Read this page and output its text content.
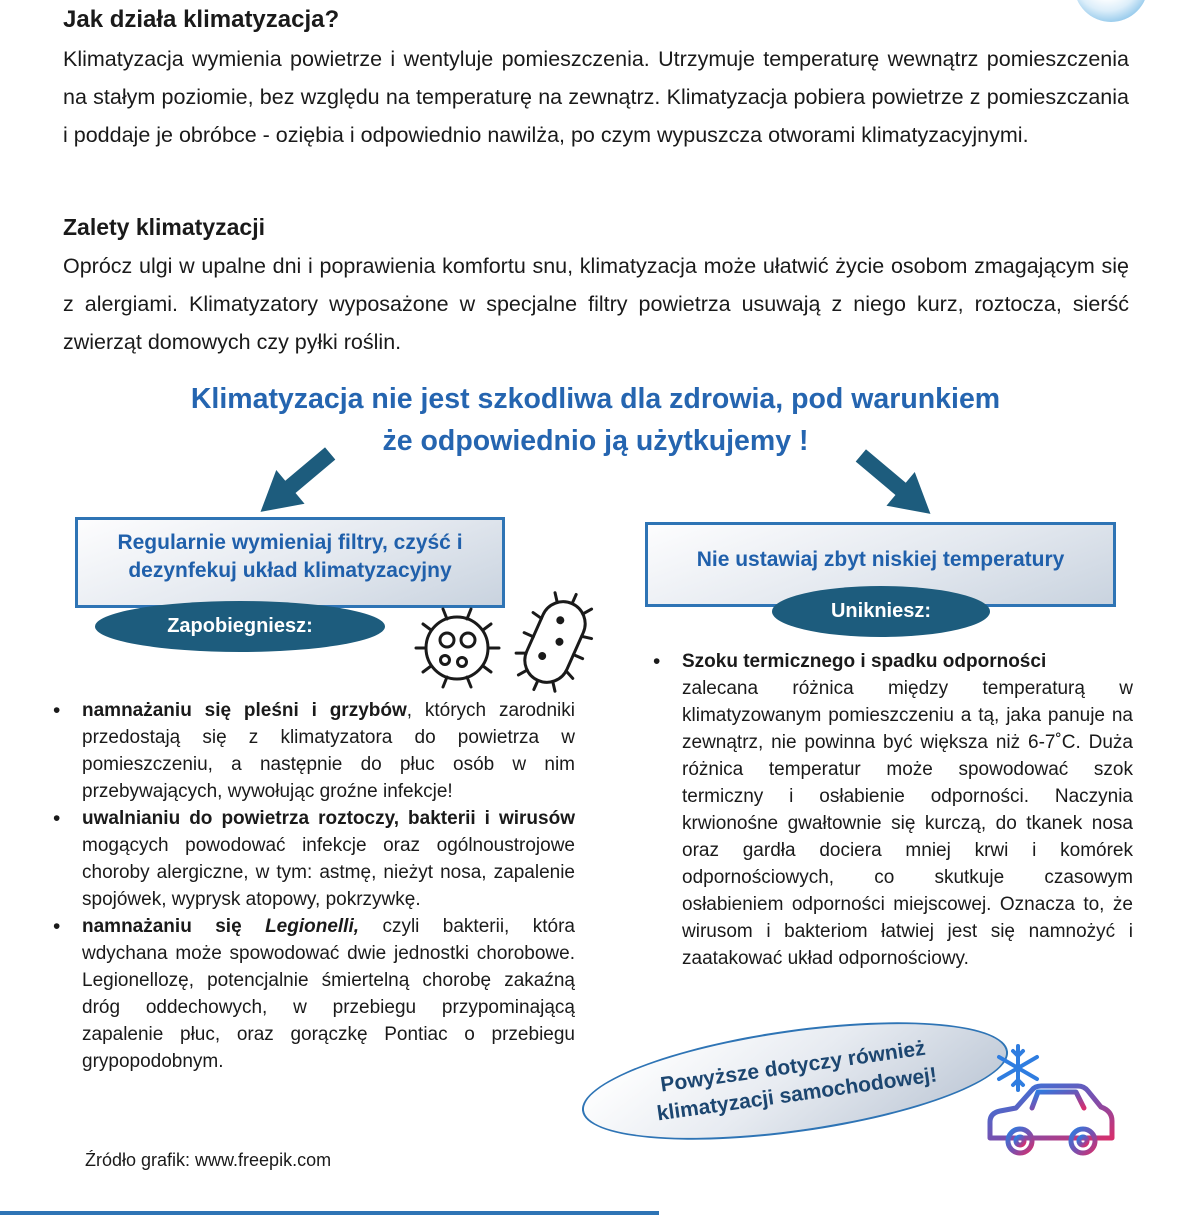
Jak działa klimatyzacja?

Klimatyzacja wymienia powietrze i wentyluje pomieszczenia. Utrzymuje temperaturę wewnątrz pomieszczenia na stałym poziomie, bez względu na temperaturę na zewnątrz. Klimatyzacja pobiera powietrze z pomieszczania i poddaje je obróbce - oziębia i odpowiednio nawilża, po czym wypuszcza otworami klimatyzacyjnymi.

Zalety klimatyzacji

Oprócz ulgi w upalne dni i poprawienia komfortu snu, klimatyzacja może ułatwić życie osobom zmagającym się z alergiami. Klimatyzatory wyposażone w specjalne filtry powietrza usuwają z niego kurz, roztocza, sierść zwierząt domowych czy pyłki roślin.

Klimatyzacja nie jest szkodliwa dla zdrowia, pod warunkiem
że odpowiednio ją użytkujemy !
Regularnie wymieniaj filtry, czyść i dezynfekuj układ klimatyzacyjny	Nie ustawiaj zbyt niskiej temperatury
Zapobiegniesz:
Unikniesz:
• namnażaniu się pleśni i grzybów, których zarodniki przedostają się z klimatyzatora do powietrza w pomieszczeniu, a następnie do płuc osób w nim przebywających, wywołując groźne infekcje!
• uwalnianiu do powietrza roztoczy, bakterii i wirusów mogących powodować infekcje oraz ogólnoustrojowe choroby alergiczne, w tym: astmę, nieżyt nosa, zapalenie spojówek, wyprysk atopowy, pokrzywkę.
• namnażaniu się Legionelli, czyli bakterii, która wdychana może spowodować dwie jednostki chorobowe. Legionellozę, potencjalnie śmiertelną chorobę zakaźną dróg oddechowych, w przebiegu przypominającą zapalenie płuc, oraz gorączkę Pontiac o przebiegu grypopodobnym.
• Szoku termicznego i spadku odporności
zalecana różnica między temperaturą w klimatyzowanym pomieszczeniu a tą, jaka panuje na zewnątrz, nie powinna być większa niż 6-7˚C. Duża różnica temperatur może spowodować szok termiczny i osłabienie odporności. Naczynia krwionośne gwałtownie się kurczą, do tkanek nosa oraz gardła dociera mniej krwi i komórek odpornościowych, co skutkuje czasowym osłabieniem odporności miejscowej. Oznacza to, że wirusom i bakteriom łatwiej jest się namnożyć i zaatakować układ odpornościowy.
Powyższe dotyczy również klimatyzacji samochodowej!
Źródło grafik: www.freepik.com
